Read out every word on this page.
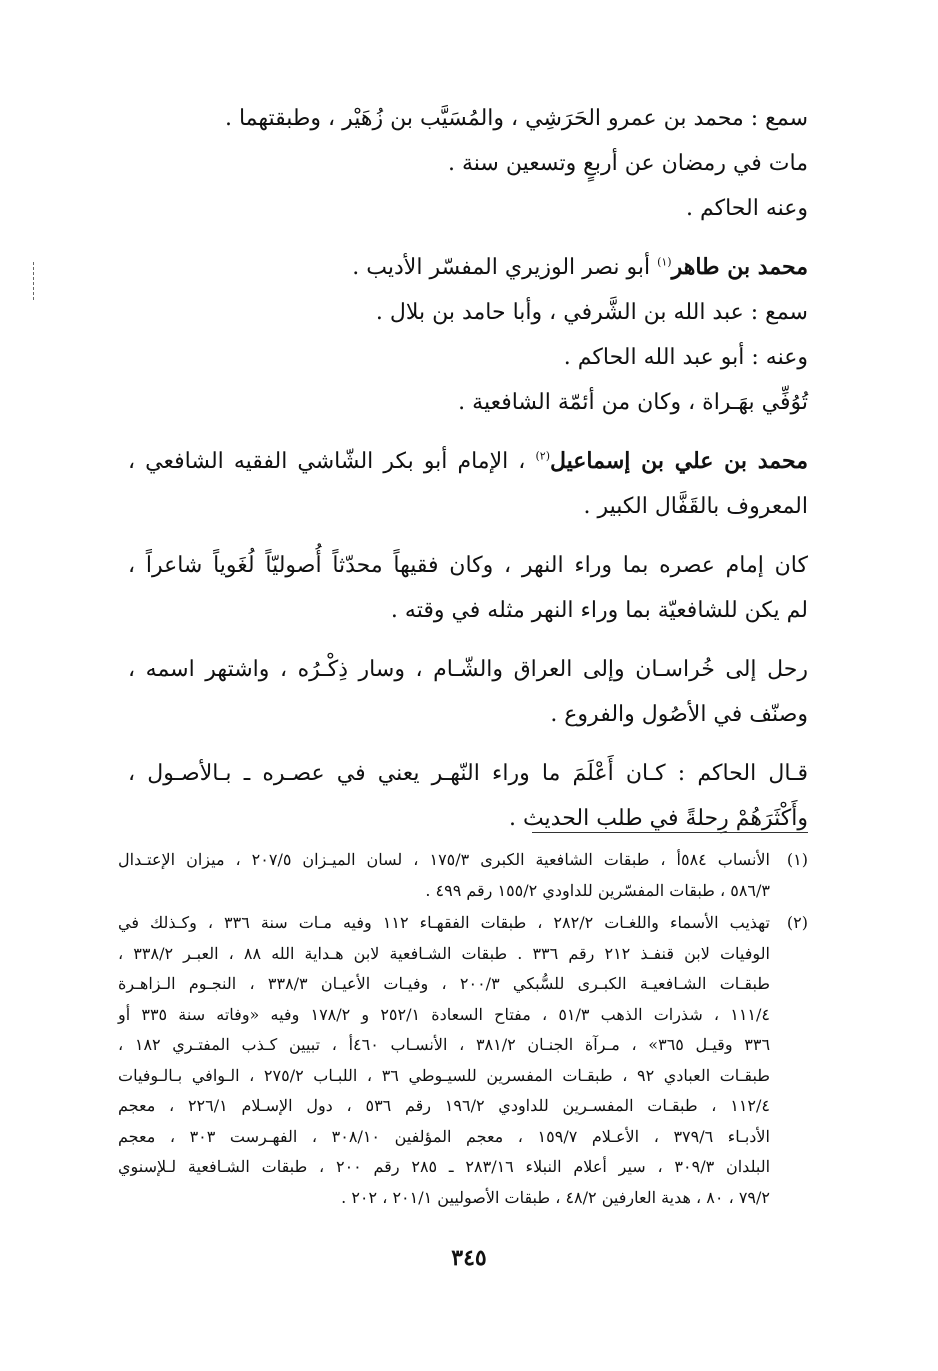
سمع : محمد بن عمرو الحَرَشِي ، والمُسَيَّب بن زُهَيْر ، وطبقتهما .
مات في رمضان عن أربعٍ وتسعين سنة .
وعنه الحاكم .
محمد بن طاهر$^{(١)}$ أبو نصر الوزيري المفسّر الأديب .
سمع : عبد الله بن الشَّرفي ، وأبا حامد بن بلال .
وعنه : أبو عبد الله الحاكم .
تُوُفِّي بهَـراة ، وكان من أئمّة الشافعية .
محمد بن علي بن إسماعيل$^{(٢)}$ ، الإمام أبو بكر الشّاشي الفقيه الشافعي ،
المعروف بالقَفَّال الكبير .
كان إمام عصره بما وراء النهر ، وكان فقيهاً محدّثاً أُصوليّاً لُغَوياً شاعراً ،
لم يكن للشافعيّة بما وراء النهر مثله في وقته .
رحل إلى خُراسـان وإلى العراق والشّـام ، وسار ذِكْـرُه ، واشتهر اسمه ،
وصنّف في الأصُول والفروع .
قـال الحاكم : كـان أَعْلَمَ ما وراء النّهـر يعني في عصـره ـ بـالأصـول ،
وأَكْثَرَهُمْ رِحلةً في طلب الحديث .
(١)
الأنساب ٥٨٤أ ، طبقات الشافعية الكبرى ١٧٥/٣ ، لسان الميـزان ٢٠٧/٥ ، ميزان الإعتـدال
٥٨٦/٣ ، طبقات المفسّرين للداودي ١٥٥/٢ رقم ٤٩٩ .
(٢)
تهذيب الأسماء واللغـات ٢٨٢/٢ ، طبقات الفقهـاء ١١٢ وفيه مـات سنة ٣٣٦ ، وكـذلك في
الوفيات لابن قنفـذ ٢١٢ رقم ٣٣٦ . طبقات الشـافعية لابن هـداية الله ٨٨ ، العبـر ٣٣٨/٢ ،
طبقـات الشـافعيـة الكبـرى للسُّبكي ٢٠٠/٣ ، وفيـات الأعيـان ٣٣٨/٣ ، النجـوم الـزاهـرة
١١١/٤ ، شذرات الذهب ٥١/٣ ، مفتاح السعادة ٢٥٢/١ و ١٧٨/٢ وفيه «وفاته سنة ٣٣٥ أو
٣٣٦ وقيـل ٣٦٥» ، مـرآة الجنـان ٣٨١/٢ ، الأنسـاب ٤٦٠أ ، تبيين كـذب المفتـري ١٨٢ ،
طبقـات العبادي ٩٢ ، طبقـات المفسرين للسيـوطي ٣٦ ، اللبـاب ٢٧٥/٢ ، الـوافي بـالـوفيات
١١٢/٤ ، طبقـات المفسـرين للداودي ١٩٦/٢ رقم ٥٣٦ ، دول الإسـلام ٢٢٦/١ ، معجم
الأدبـاء ٣٧٩/٦ ، الأعـلام ١٥٩/٧ ، معجم المؤلفين ٣٠٨/١٠ ، الفهـرست ٣٠٣ ، معجم
البلدان ٣٠٩/٣ ، سير أعلام النبلاء ٢٨٣/١٦ ـ ٢٨٥ رقم ٢٠٠ ، طبقات الشـافعية لـلإسنوي
٧٩/٢ ، ٨٠ ، هدية العارفين ٤٨/٢ ، طبقات الأصوليين ٢٠١/١ ، ٢٠٢ .
٣٤٥
